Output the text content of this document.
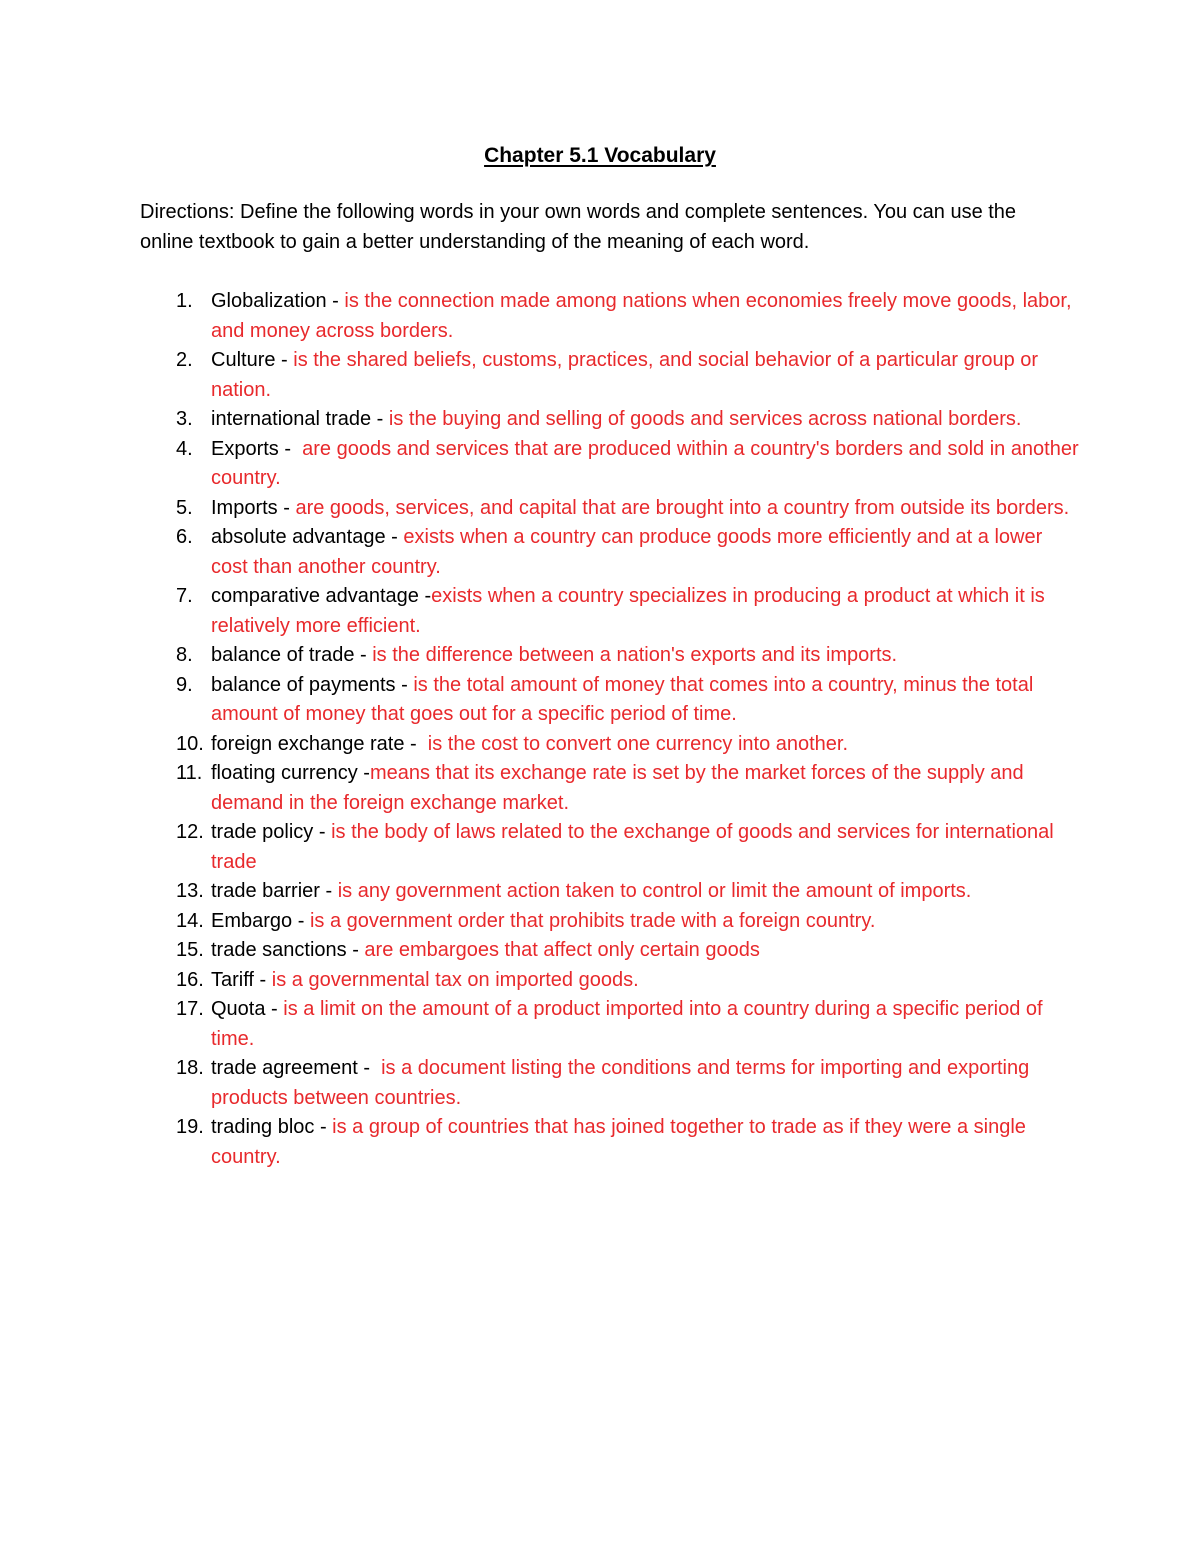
Chapter 5.1 Vocabulary
Directions: Define the following words in your own words and complete sentences. You can use the online textbook to gain a better understanding of the meaning of each word.
1. Globalization - is the connection made among nations when economies freely move goods, labor, and money across borders.
2. Culture - is the shared beliefs, customs, practices, and social behavior of a particular group or nation.
3. international trade - is the buying and selling of goods and services across national borders.
4. Exports -  are goods and services that are produced within a country's borders and sold in another country.
5. Imports - are goods, services, and capital that are brought into a country from outside its borders.
6. absolute advantage - exists when a country can produce goods more efficiently and at a lower cost than another country.
7. comparative advantage -exists when a country specializes in producing a product at which it is relatively more efficient.
8. balance of trade - is the difference between a nation's exports and its imports.
9. balance of payments - is the total amount of money that comes into a country, minus the total amount of money that goes out for a specific period of time.
10. foreign exchange rate -  is the cost to convert one currency into another.
11. floating currency -means that its exchange rate is set by the market forces of the supply and demand in the foreign exchange market.
12. trade policy - is the body of laws related to the exchange of goods and services for international trade
13. trade barrier - is any government action taken to control or limit the amount of imports.
14. Embargo - is a government order that prohibits trade with a foreign country.
15. trade sanctions - are embargoes that affect only certain goods
16. Tariff - is a governmental tax on imported goods.
17. Quota - is a limit on the amount of a product imported into a country during a specific period of time.
18. trade agreement -  is a document listing the conditions and terms for importing and exporting products between countries.
19. trading bloc - is a group of countries that has joined together to trade as if they were a single country.
